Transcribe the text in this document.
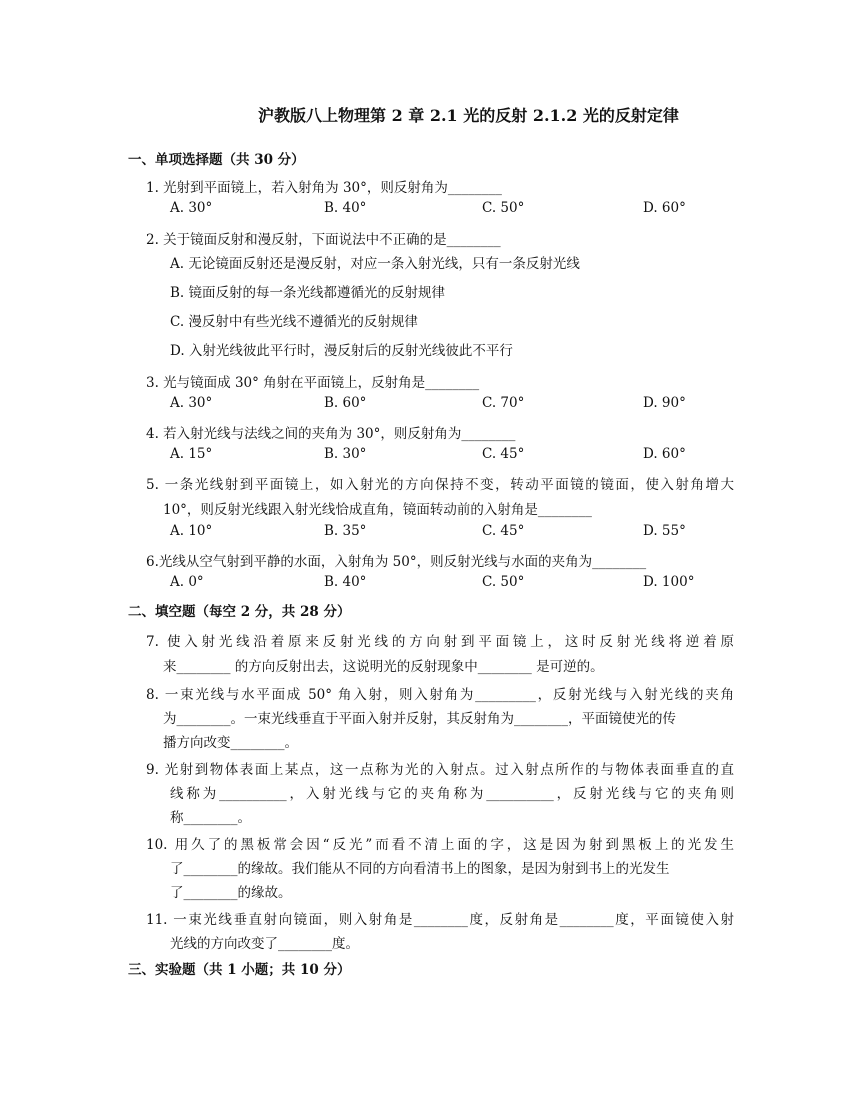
沪教版八上物理第 2 章 2.1 光的反射 2.1.2 光的反射定律
一、单项选择题（共 30 分）
1. 光射到平面镜上，若入射角为 30°，则反射角为________
A. 30°	B. 40°	C. 50°	D. 60°
2. 关于镜面反射和漫反射，下面说法中不正确的是________
A. 无论镜面反射还是漫反射，对应一条入射光线，只有一条反射光线
B. 镜面反射的每一条光线都遵循光的反射规律
C. 漫反射中有些光线不遵循光的反射规律
D. 入射光线彼此平行时，漫反射后的反射光线彼此不平行
3. 光与镜面成 30° 角射在平面镜上，反射角是________
A. 30°	B. 60°	C. 70°	D. 90°
4. 若入射光线与法线之间的夹角为 30°，则反射角为________
A. 15°	B. 30°	C. 45°	D. 60°
5. 一条光线射到平面镜上，如入射光的方向保持不变，转动平面镜的镜面，使入射角增大
10°，则反射光线跟入射光线恰成直角，镜面转动前的入射角是________
A. 10°	B. 35°	C. 45°	D. 55°
6.光线从空气射到平静的水面，入射角为 50°，则反射光线与水面的夹角为________
A. 0°	B. 40°	C. 50°	D. 100°
二、填空题（每空 2 分，共 28 分）
7. 使入射光线沿着原来反射光线的方向射到平面镜上，这时反射光线将逆着原
来________ 的方向反射出去，这说明光的反射现象中________ 是可逆的。
8. 一束光线与水平面成 50° 角入射，则入射角为_________，反射光线与入射光线的夹角
为________。一束光线垂直于平面入射并反射，其反射角为________，平面镜使光的传
播方向改变________。
9. 光射到物体表面上某点，这一点称为光的入射点。过入射点所作的与物体表面垂直的直
线称为__________，入射光线与它的夹角称为__________，反射光线与它的夹角则
称________。
10. 用久了的黑板常会因“反光”而看不清上面的字，这是因为射到黑板上的光发生
了________的缘故。我们能从不同的方向看清书上的图象，是因为射到书上的光发生
了________的缘故。
11. 一束光线垂直射向镜面，则入射角是________度，反射角是________度，平面镜使入射
光线的方向改变了________度。
三、实验题（共 1 小题；共 10 分）
